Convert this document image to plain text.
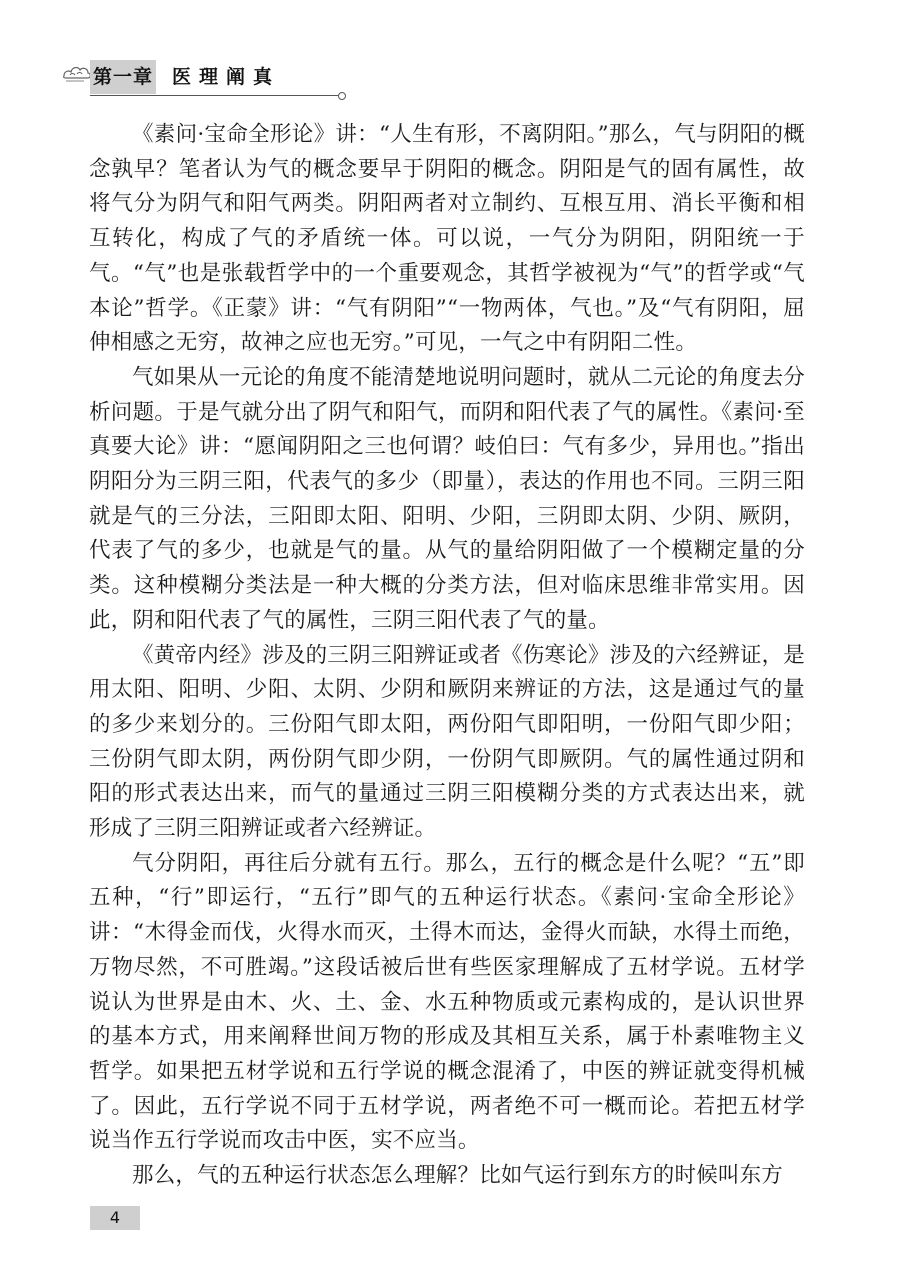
第一章 医理阐真

《素问·宝命全形论》讲：“人生有形，不离阴阳。”那么，气与阴阳的概念孰早？笔者认为气的概念要早于阴阳的概念。阴阳是气的固有属性，故将气分为阴气和阳气两类。阴阳两者对立制约、互根互用、消长平衡和相互转化，构成了气的矛盾统一体。可以说，一气分为阴阳，阴阳统一于气。“气”也是张载哲学中的一个重要观念，其哲学被视为“气”的哲学或“气本论”哲学。《正蒙》讲：“气有阴阳”“一物两体，气也。”及“气有阴阳，屈伸相感之无穷，故神之应也无穷。”可见，一气之中有阴阳二性。

气如果从一元论的角度不能清楚地说明问题时，就从二元论的角度去分析问题。于是气就分出了阴气和阳气，而阴和阳代表了气的属性。《素问·至真要大论》讲：“愿闻阴阳之三也何谓？岐伯曰：气有多少，异用也。”指出阴阳分为三阴三阳，代表气的多少（即量），表达的作用也不同。三阴三阳就是气的三分法，三阳即太阳、阳明、少阳，三阴即太阴、少阴、厥阴，代表了气的多少，也就是气的量。从气的量给阴阳做了一个模糊定量的分类。这种模糊分类法是一种大概的分类方法，但对临床思维非常实用。因此，阴和阳代表了气的属性，三阴三阳代表了气的量。

《黄帝内经》涉及的三阴三阳辨证或者《伤寒论》涉及的六经辨证，是用太阳、阳明、少阳、太阴、少阴和厥阴来辨证的方法，这是通过气的量的多少来划分的。三份阳气即太阳，两份阳气即阳明，一份阳气即少阳；三份阴气即太阴，两份阴气即少阴，一份阴气即厥阴。气的属性通过阴和阳的形式表达出来，而气的量通过三阴三阳模糊分类的方式表达出来，就形成了三阴三阳辨证或者六经辨证。

气分阴阳，再往后分就有五行。那么，五行的概念是什么呢？“五”即五种，“行”即运行，“五行”即气的五种运行状态。《素问·宝命全形论》讲：“木得金而伐，火得水而灭，土得木而达，金得火而缺，水得土而绝，万物尽然，不可胜竭。”这段话被后世有些医家理解成了五材学说。五材学说认为世界是由木、火、土、金、水五种物质或元素构成的，是认识世界的基本方式，用来阐释世间万物的形成及其相互关系，属于朴素唯物主义哲学。如果把五材学说和五行学说的概念混淆了，中医的辨证就变得机械了。因此，五行学说不同于五材学说，两者绝不可一概而论。若把五材学说当作五行学说而攻击中医，实不应当。

那么，气的五种运行状态怎么理解？比如气运行到东方的时候叫东方

4
